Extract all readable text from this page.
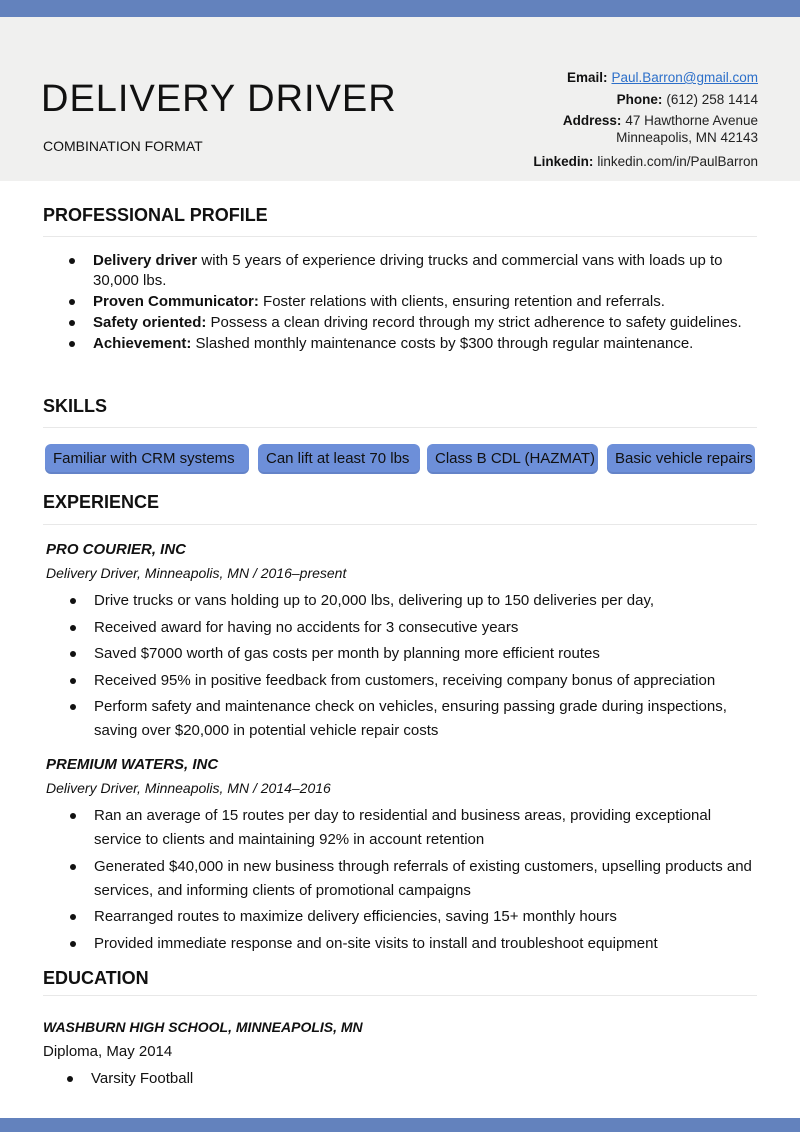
DELIVERY DRIVER
COMBINATION FORMAT
Email: Paul.Barron@gmail.com
Phone: (612) 258 1414
Address: 47 Hawthorne Avenue
Minneapolis, MN 42143
Linkedin: linkedin.com/in/PaulBarron
PROFESSIONAL PROFILE
Delivery driver with 5 years of experience driving trucks and commercial vans with loads up to 30,000 lbs.
Proven Communicator: Foster relations with clients, ensuring retention and referrals.
Safety oriented: Possess a clean driving record through my strict adherence to safety guidelines.
Achievement: Slashed monthly maintenance costs by $300 through regular maintenance.
SKILLS
Familiar with CRM systems	Can lift at least 70 lbs	Class B CDL (HAZMAT)	Basic vehicle repairs
EXPERIENCE
PRO COURIER, INC
Delivery Driver, Minneapolis, MN / 2016–present
Drive trucks or vans holding up to 20,000 lbs, delivering up to 150 deliveries per day,
Received award for having no accidents for 3 consecutive years
Saved $7000 worth of gas costs per month by planning more efficient routes
Received 95% in positive feedback from customers, receiving company bonus of appreciation
Perform safety and maintenance check on vehicles, ensuring passing grade during inspections, saving over $20,000 in potential vehicle repair costs
PREMIUM WATERS, INC
Delivery Driver, Minneapolis, MN / 2014–2016
Ran an average of 15 routes per day to residential and business areas, providing exceptional service to clients and maintaining 92% in account retention
Generated $40,000 in new business through referrals of existing customers, upselling products and services, and informing clients of promotional campaigns
Rearranged routes to maximize delivery efficiencies, saving 15+ monthly hours
Provided immediate response and on-site visits to install and troubleshoot equipment
EDUCATION
WASHBURN HIGH SCHOOL, MINNEAPOLIS, MN
Diploma, May 2014
Varsity Football
